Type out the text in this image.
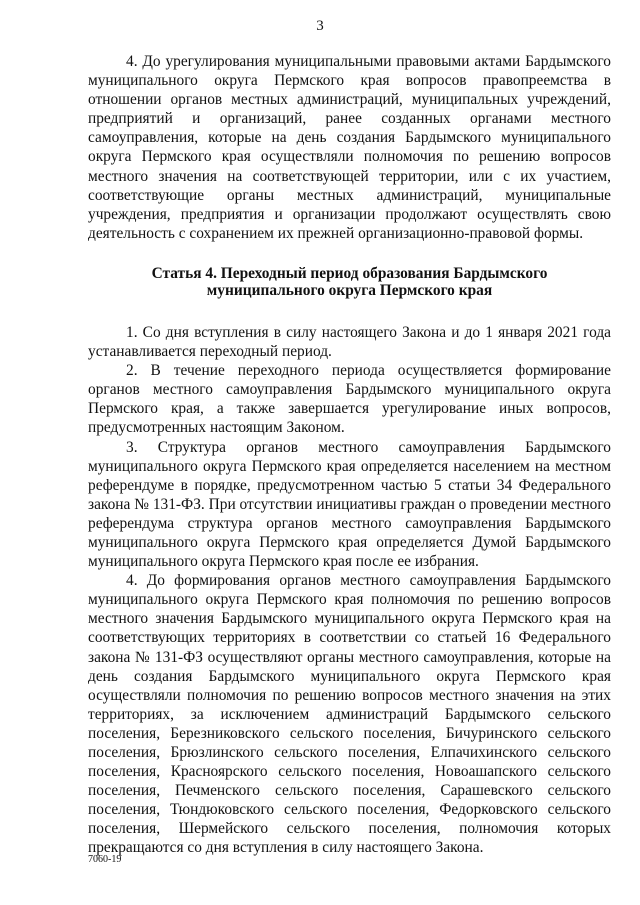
3

4. До урегулирования муниципальными правовыми актами Бардымского муниципального округа Пермского края вопросов правопреемства в отношении органов местных администраций, муниципальных учреждений, предприятий и организаций, ранее созданных органами местного самоуправления, которые на день создания Бардымского муниципального округа Пермского края осуществляли полномочия по решению вопросов местного значения на соответствующей территории, или с их участием, соответствующие органы местных администраций, муниципальные учреждения, предприятия и организации продолжают осуществлять свою деятельность с сохранением их прежней организационно-правовой формы.

Статья 4. Переходный период образования Бардымского муниципального округа Пермского края

1. Со дня вступления в силу настоящего Закона и до 1 января 2021 года устанавливается переходный период.

2. В течение переходного периода осуществляется формирование органов местного самоуправления Бардымского муниципального округа Пермского края, а также завершается урегулирование иных вопросов, предусмотренных настоящим Законом.

3. Структура органов местного самоуправления Бардымского муниципального округа Пермского края определяется населением на местном референдуме в порядке, предусмотренном частью 5 статьи 34 Федерального закона № 131-ФЗ. При отсутствии инициативы граждан о проведении местного референдума структура органов местного самоуправления Бардымского муниципального округа Пермского края определяется Думой Бардымского муниципального округа Пермского края после ее избрания.

4. До формирования органов местного самоуправления Бардымского муниципального округа Пермского края полномочия по решению вопросов местного значения Бардымского муниципального округа Пермского края на соответствующих территориях в соответствии со статьей 16 Федерального закона № 131-ФЗ осуществляют органы местного самоуправления, которые на день создания Бардымского муниципального округа Пермского края осуществляли полномочия по решению вопросов местного значения на этих территориях, за исключением администраций Бардымского сельского поселения, Березниковского сельского поселения, Бичуринского сельского поселения, Брюзлинского сельского поселения, Елпачихинского сельского поселения, Красноярского сельского поселения, Новоашапского сельского поселения, Печменского сельского поселения, Сарашевского сельского поселения, Тюндюковского сельского поселения, Федорковского сельского поселения, Шермейского сельского поселения, полномочия которых прекращаются со дня вступления в силу настоящего Закона.

7060-19
